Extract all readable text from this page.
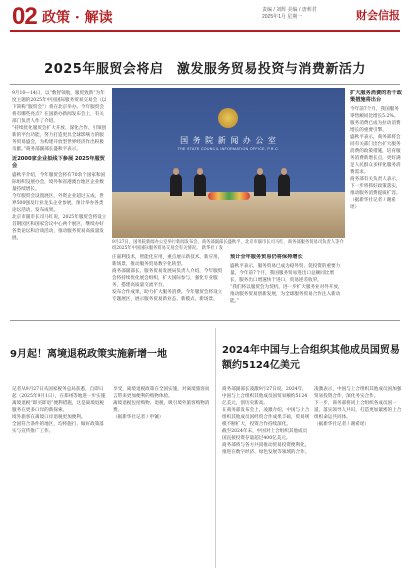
02 政策 · 解读	责编 / 刘辉 美编 / 唐莉君
2025年1月 星期一	财会信报
2025年服贸会将启　激发服务贸易投资与消费新活力

9月10—14日，以“数智领航，服贸致新”为年度主题的2025年中国国际服务贸易交易会（以下简称“服贸会”）将在北京举办。今年服贸会将有哪些亮点？在国新办新闻发布会上，有关部门负责人作了介绍。

“持续优化服贸会扩大开放、深化合作、引领创新的平台功能，努力打造更具全球影响力的服务贸易盛会，为构建开放型世界经济作出积极贡献。”商务部副部长盛秋平表示。

近2000家企业拟线下参展 2025年服贸会

盛秋平介绍，今年服贸会将有70余个国家和国际组织设展办会，境外和省港澳台地区企业数量持续增长。

今年服贸会设置展区，外资企业超过五成，世界500强及行业龙头企业参展，预计举办各类论坛活动，发布成果。

北京市副市长司马红说，2025年服贸会将设立首钢园区和国家会议中心两个展区，继续办好各类论坛和洽谈活动，推动服务贸易高质量发展。

国 务 院 新 闻 办 公 室
THE STATE COUNCIL INFORMATION OFFICE, P.R.C.
9月27日，国务院新闻办公室举行新闻发布会，商务部副部长盛秋平、北京市副市长司马红、商务部服务贸易司负责人等介绍2025年中国国际服务贸易交易会有关情况。 新华社 / 发

庄嘉利技术，智能化应用，重点展示新技术、新应用、新场景，推动服务贸易数字化转型。

商务部副部长、服务贸易发展局负责人介绍，今年服贸会将持续优化展会组织，扩大国际参与，强化专业服务，搭建高质量交流平台。

发布合作成果，助力扩大服务消费。今年服贸会将设立专题展区，展示服务贸易新业态、新模式、新场景。

预计全年服务贸易仍将保持增长

盛秋平表示，服务贸易已成为稳外贸、促投资的重要力量。今年前7个月，我国服务贸易进出口总额同比增长，服务出口增速快于进口，贸易逆差收窄。

“我们将以服贸会为契机，进一步扩大服务业对外开放，推动服务贸易创新发展，为全球服务贸易合作注入新动能。”

扩大服务消费的若干政策措施将出台

今年前7个月，我国服务零售额同比增长5.2%。服务消费已成为拉动消费增长的重要引擎。

盛秋平表示，商务部将会同有关部门出台扩大服务消费的政策措施，培育服务消费新增长点，更好满足人民群众多样化服务消费需求。

商务部有关负责人表示，下一步将抓好政策落实，推动服务消费提质扩容。

（据新华社记者 / 谢希瑶）

9月起！离境退税政策实施新增一地

记者从9月27日从国家税务总局获悉，自即日起（2025年9月1日），在郑州等地进一步实施离境退税“即买即退”便利措施，这是离境退税服务在更多口岸的新探索。

境外旅客在离境口岸退税更加便利。

全国符合条件的地区，均将施行，做好政策落实与宣传推广工作。

享受，离境退税政策在全国实施，对离境旅客而言带来更加便利的购物体验。

离境退税包括购物、退税，吸引境外旅客购物消费。

（据新华社记者 / 申铖）

2024年中国与上合组织其他成员国贸易额约5124亿美元

商务部副部长凌激9月27日说，2024年，中国与上合组织其他成员国贸易额约5124亿美元，创历史新高。

在商务部发布会上，凌激介绍，中国与上合组织其他成员国经贸合作成果丰硕，贸易规模不断扩大，投资合作持续深化。

截至2024年末，中国对上合组织其他成员国直接投资存量超过400亿美元。

商务部将与各方共同推动贸易投资便利化，推进在数字经济、绿色发展等领域的合作。

凌激表示，中国与上合组织其他成员国加强贸易投资合作，深化务实合作。

下一步，商务部将同上合组织各成员国一道，落实领导人共识，打造更加紧密的上合组织命运共同体。

（据新华社记者 / 谢希瑶）
